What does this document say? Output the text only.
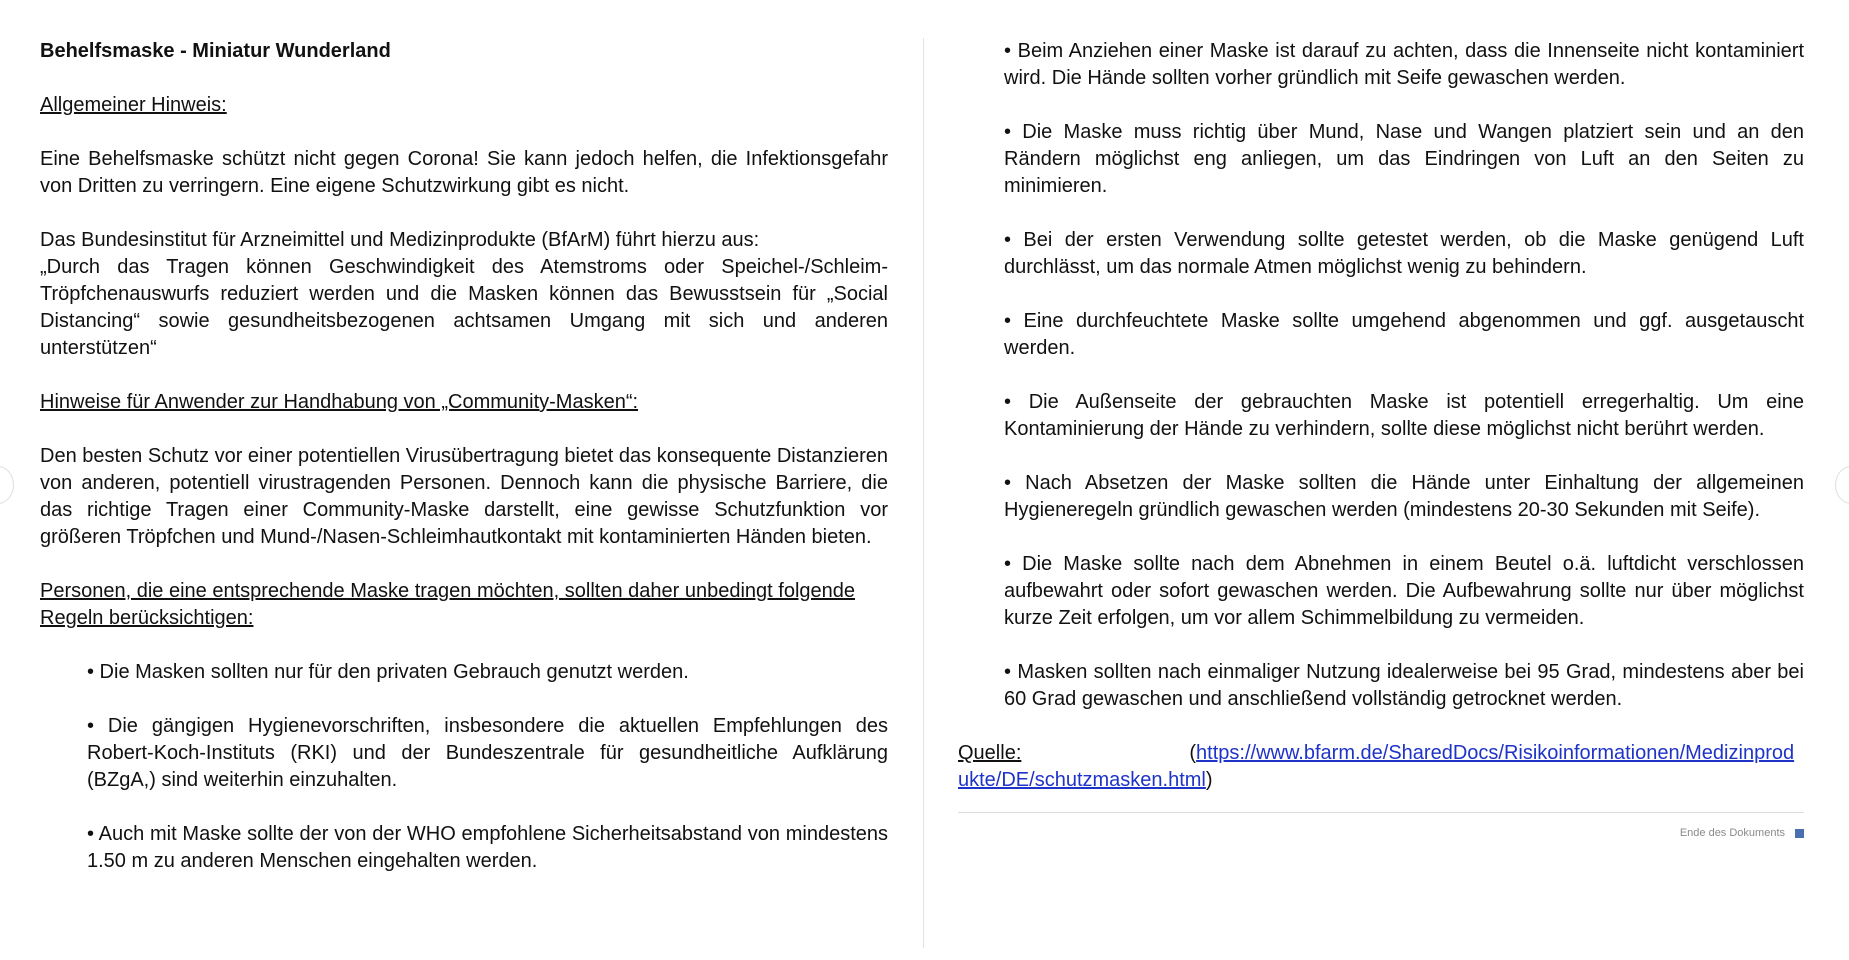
Behelfsmaske - Miniatur Wunderland

Allgemeiner Hinweis:

Eine Behelfsmaske schützt nicht gegen Corona! Sie kann jedoch helfen, die Infektionsgefahr von Dritten zu verringern. Eine eigene Schutzwirkung gibt es nicht.

Das Bundesinstitut für Arzneimittel und Medizinprodukte (BfArM) führt hierzu aus:
„Durch das Tragen können Geschwindigkeit des Atemstroms oder Speichel-/Schleim-Tröpfchenauswurfs reduziert werden und die Masken können das Bewusstsein für „Social Distancing“ sowie gesundheitsbezogenen achtsamen Umgang mit sich und anderen unterstützen“

Hinweise für Anwender zur Handhabung von „Community-Masken“:

Den besten Schutz vor einer potentiellen Virusübertragung bietet das konsequente Distanzieren von anderen, potentiell virustragenden Personen. Dennoch kann die physische Barriere, die das richtige Tragen einer Community-Maske darstellt, eine gewisse Schutzfunktion vor größeren Tröpfchen und Mund-/Nasen-Schleimhautkontakt mit kontaminierten Händen bieten.

Personen, die eine entsprechende Maske tragen möchten, sollten daher unbedingt folgende Regeln berücksichtigen:

• Die Masken sollten nur für den privaten Gebrauch genutzt werden.

• Die gängigen Hygienevorschriften, insbesondere die aktuellen Empfehlungen des Robert-Koch-Instituts (RKI) und der Bundeszentrale für gesundheitliche Aufklärung (BZgA,) sind weiterhin einzuhalten.

• Auch mit Maske sollte der von der WHO empfohlene Sicherheitsabstand von mindestens 1.50 m zu anderen Menschen eingehalten werden.

• Beim Anziehen einer Maske ist darauf zu achten, dass die Innenseite nicht kontaminiert wird. Die Hände sollten vorher gründlich mit Seife gewaschen werden.

• Die Maske muss richtig über Mund, Nase und Wangen platziert sein und an den Rändern möglichst eng anliegen, um das Eindringen von Luft an den Seiten zu minimieren.

• Bei der ersten Verwendung sollte getestet werden, ob die Maske genügend Luft durchlässt, um das normale Atmen möglichst wenig zu behindern.

• Eine durchfeuchtete Maske sollte umgehend abgenommen und ggf. ausgetauscht werden.

• Die Außenseite der gebrauchten Maske ist potentiell erregerhaltig. Um eine Kontaminierung der Hände zu verhindern, sollte diese möglichst nicht berührt werden.

• Nach Absetzen der Maske sollten die Hände unter Einhaltung der allgemeinen Hygieneregeln gründlich gewaschen werden (mindestens 20-30 Sekunden mit Seife).

• Die Maske sollte nach dem Abnehmen in einem Beutel o.ä. luftdicht verschlossen aufbewahrt oder sofort gewaschen werden. Die Aufbewahrung sollte nur über möglichst kurze Zeit erfolgen, um vor allem Schimmelbildung zu vermeiden.

• Masken sollten nach einmaliger Nutzung idealerweise bei 95 Grad, mindestens aber bei 60 Grad gewaschen und anschließend vollständig getrocknet werden.

Quelle:	(https://www.bfarm.de/SharedDocs/Risikoinformationen/Medizinprodukte/DE/schutzmasken.html)

Ende des Dokuments
